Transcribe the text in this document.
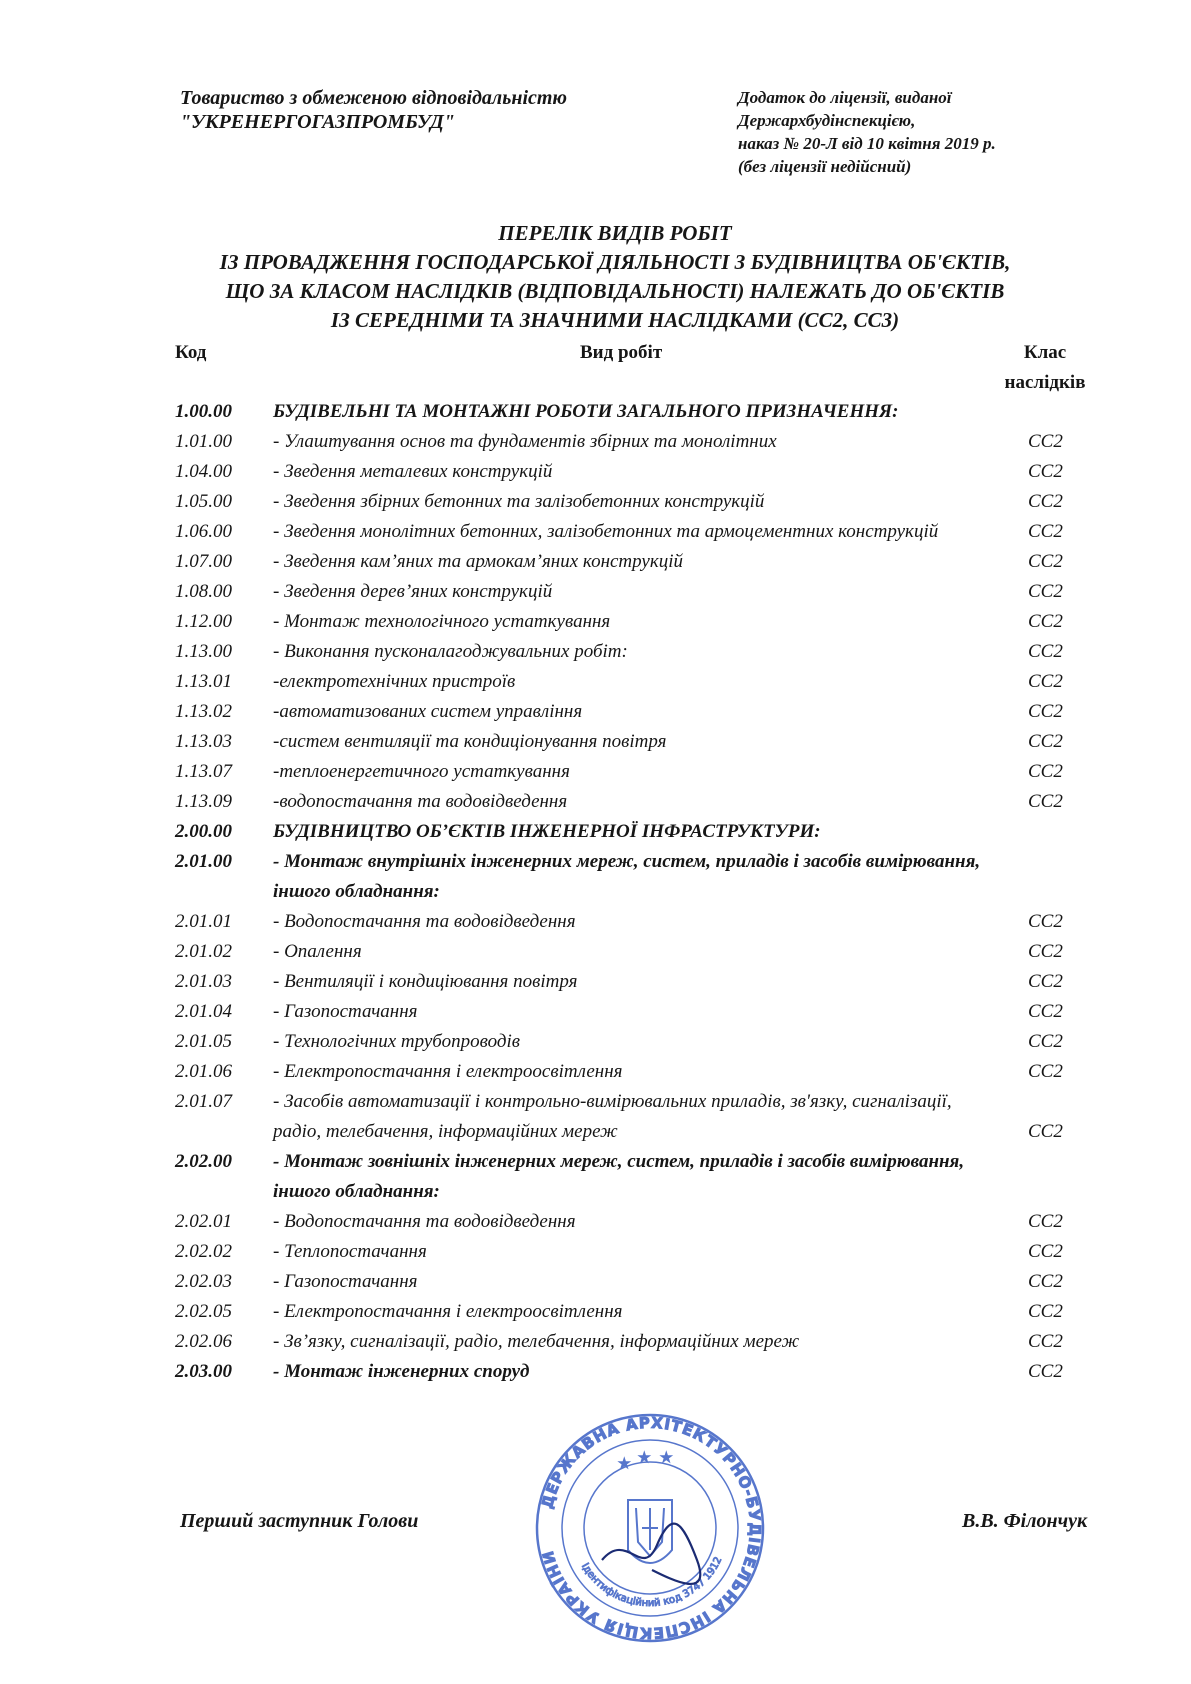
Товариство з обмеженою відповідальністю
"УКРЕНЕРГОГАЗПРОМБУД"
Додаток до ліцензії, виданої
Держархбудінспекцією,
наказ № 20-Л від 10 квітня 2019 р.
(без ліцензії недійсний)
ПЕРЕЛІК ВИДІВ РОБІТ
ІЗ ПРОВАДЖЕННЯ ГОСПОДАРСЬКОЇ ДІЯЛЬНОСТІ З БУДІВНИЦТВА ОБ'ЄКТІВ,
ЩО ЗА КЛАСОМ НАСЛІДКІВ (ВІДПОВІДАЛЬНОСТІ) НАЛЕЖАТЬ ДО ОБ'ЄКТІВ
ІЗ СЕРЕДНІМИ ТА ЗНАЧНИМИ НАСЛІДКАМИ (СС2, СС3)
Код	Вид робіт	Клас
наслідків
1.00.00 БУДІВЕЛЬНІ ТА МОНТАЖНІ РОБОТИ ЗАГАЛЬНОГО ПРИЗНАЧЕННЯ:
1.01.00 - Улаштування основ та фундаментів збірних та монолітних	СС2
1.04.00 - Зведення металевих конструкцій	СС2
1.05.00 - Зведення збірних бетонних та залізобетонних конструкцій	СС2
1.06.00 - Зведення монолітних бетонних, залізобетонних та армоцементних конструкцій	СС2
1.07.00 - Зведення кам’яних та армокам’яних конструкцій	СС2
1.08.00 - Зведення дерев’яних конструкцій	СС2
1.12.00 - Монтаж технологічного устаткування	СС2
1.13.00 - Виконання пусконалагоджувальних робіт:	СС2
1.13.01 -електротехнічних пристроїв	СС2
1.13.02 -автоматизованих систем управління	СС2
1.13.03 -систем вентиляції та кондиціонування повітря	СС2
1.13.07 -теплоенергетичного устаткування	СС2
1.13.09 -водопостачання та водовідведення	СС2
2.00.00 БУДІВНИЦТВО ОБ’ЄКТІВ ІНЖЕНЕРНОЇ ІНФРАСТРУКТУРИ:
2.01.00 - Монтаж внутрішніх інженерних мереж, систем, приладів і засобів вимірювання, іншого обладнання:
2.01.01 - Водопостачання та водовідведення	СС2
2.01.02 - Опалення	СС2
2.01.03 - Вентиляції і кондиціювання повітря	СС2
2.01.04 - Газопостачання	СС2
2.01.05 - Технологічних трубопроводів	СС2
2.01.06 - Електропостачання і електроосвітлення	СС2
2.01.07 - Засобів автоматизації і контрольно-вимірювальних приладів, зв'язку, сигналізації, радіо, телебачення, інформаційних мереж	СС2
2.02.00 - Монтаж зовнішніх інженерних мереж, систем, приладів і засобів вимірювання, іншого обладнання:
2.02.01 - Водопостачання та водовідведення	СС2
2.02.02 - Теплопостачання	СС2
2.02.03 - Газопостачання	СС2
2.02.05 - Електропостачання і електроосвітлення	СС2
2.02.06 - Зв’язку, сигналізації, радіо, телебачення, інформаційних мереж	СС2
2.03.00 - Монтаж інженерних споруд	СС2
Перший заступник Голови	В.В. Філончук
ДЕРЖАВНА АРХІТЕКТУРНО-БУДІВЕЛЬНА ІНСПЕКЦІЯ УКРАЇНИ	Ідентифікаційний код 3747 1912
★ ★ ★
